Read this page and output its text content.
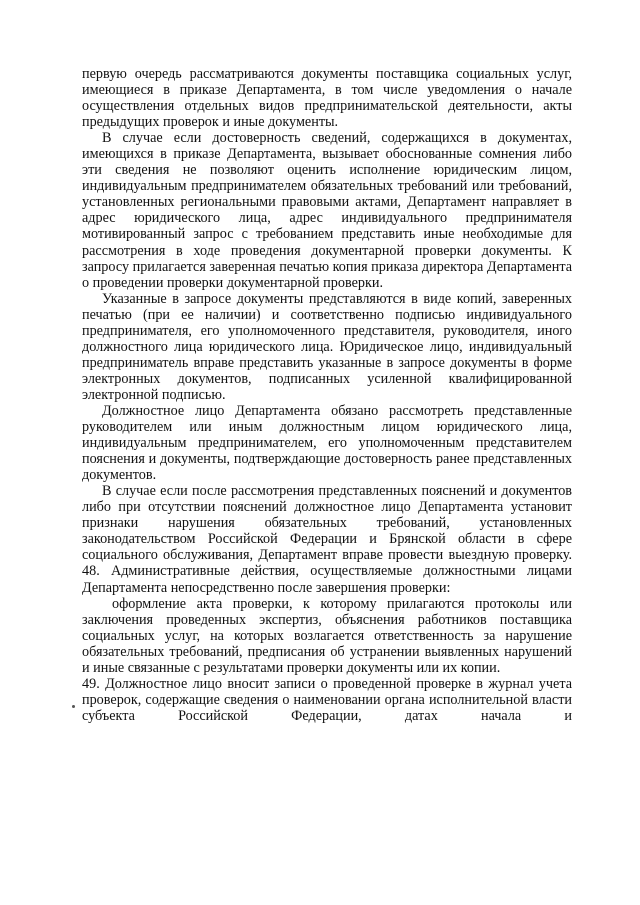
первую очередь рассматриваются документы поставщика социальных услуг, имеющиеся в приказе Департамента, в том числе уведомления о начале осуществления отдельных видов предпринимательской деятельности, акты предыдущих проверок и иные документы.

В случае если достоверность сведений, содержащихся в документах, имеющихся в приказе Департамента, вызывает обоснованные сомнения либо эти сведения не позволяют оценить исполнение юридическим лицом, индивидуальным предпринимателем обязательных требований или требований, установленных региональными правовыми актами, Департамент направляет в адрес юридического лица, адрес индивидуального предпринимателя мотивированный запрос с требованием представить иные необходимые для рассмотрения в ходе проведения документарной проверки документы. К запросу прилагается заверенная печатью копия приказа директора Департамента о проведении проверки документарной проверки.

Указанные в запросе документы представляются в виде копий, заверенных печатью (при ее наличии) и соответственно подписью индивидуального предпринимателя, его уполномоченного представителя, руководителя, иного должностного лица юридического лица. Юридическое лицо, индивидуальный предприниматель вправе представить указанные в запросе документы в форме электронных документов, подписанных усиленной квалифицированной электронной подписью.

Должностное лицо Департамента обязано рассмотреть представленные руководителем или иным должностным лицом юридического лица, индивидуальным предпринимателем, его уполномоченным представителем пояснения и документы, подтверждающие достоверность ранее представленных документов.

В случае если после рассмотрения представленных пояснений и документов либо при отсутствии пояснений должностное лицо Департамента установит признаки нарушения обязательных требований, установленных законодательством Российской Федерации и Брянской области в сфере социального обслуживания, Департамент вправе провести выездную проверку.

48. Административные действия, осуществляемые должностными лицами Департамента непосредственно после завершения проверки:

оформление акта проверки, к которому прилагаются протоколы или заключения проведенных экспертиз, объяснения работников поставщика социальных услуг, на которых возлагается ответственность за нарушение обязательных требований, предписания об устранении выявленных нарушений и иные связанные с результатами проверки документы или их копии.

49. Должностное лицо вносит записи о проведенной проверке в журнал учета проверок, содержащие сведения о наименовании органа исполнительной власти субъекта Российской Федерации, датах начала и
